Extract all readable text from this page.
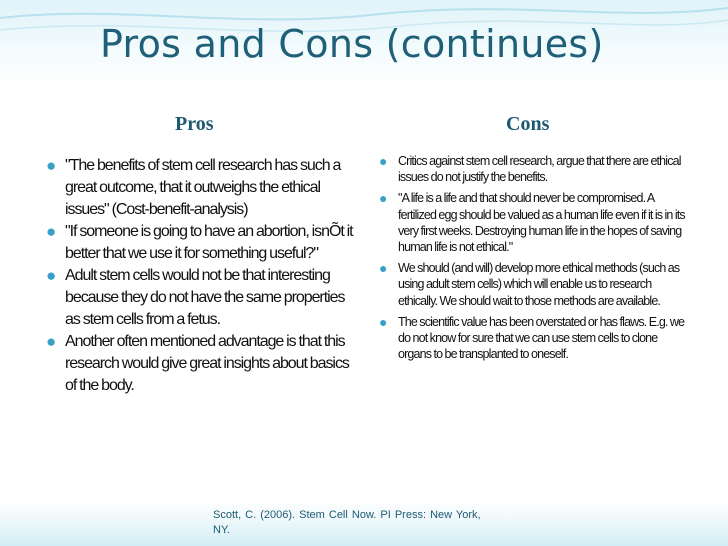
Pros and Cons (continues)
Pros	Cons
● "The benefits of stem cell research has such a great outcome, that it outweighs the ethical issues" (Cost-benefit-analysis)
● "If someone is going to have an abortion, isnÕt it better that we use it for something useful?"
● Adult stem cells would not be that interesting because they do not have the same properties as stem cells from a fetus.
● Another often mentioned advantage is that this research would give great insights about basics of the body.
● Critics against stem cell research, argue that there are ethical issues do not justify the benefits.
● "A life is a life and that should never be compromised. A fertilized egg should be valued as a human life even if it is in its very first weeks. Destroying human life in the hopes of saving human life is not ethical."
● We should (and will) develop more ethical methods (such as using adult stem cells) which will enable us to research ethically. We should wait to those methods are available.
● The scientific value has been overstated or has flaws. E.g. we do not know for sure that we can use stem cells to clone organs to be transplanted to oneself.

Scott, C. (2006). Stem Cell Now. PI Press: New York, NY.
